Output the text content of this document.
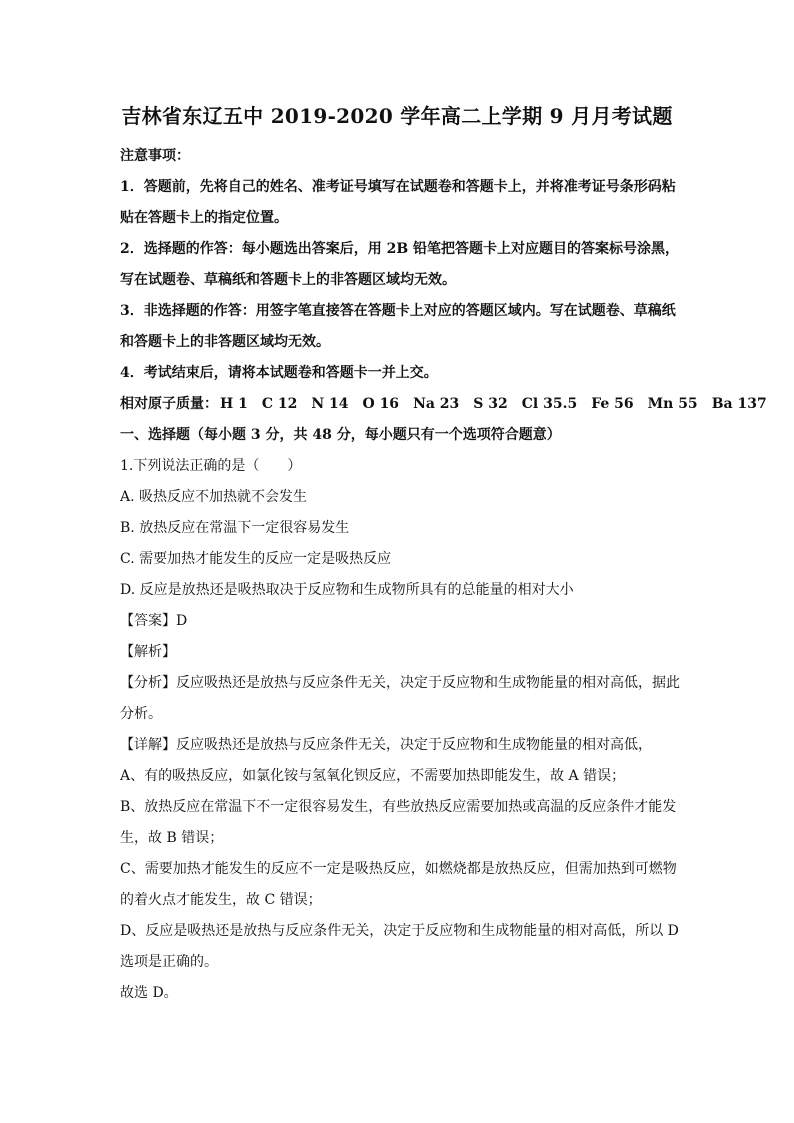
吉林省东辽五中 2019-2020 学年高二上学期 9 月月考试题
注意事项：
1．答题前，先将自己的姓名、准考证号填写在试题卷和答题卡上，并将准考证号条形码粘
贴在答题卡上的指定位置。
2．选择题的作答：每小题选出答案后，用 2B 铅笔把答题卡上对应题目的答案标号涂黑，
写在试题卷、草稿纸和答题卡上的非答题区域均无效。
3．非选择题的作答：用签字笔直接答在答题卡上对应的答题区域内。写在试题卷、草稿纸
和答题卡上的非答题区域均无效。
4．考试结束后，请将本试题卷和答题卡一并上交。
相对原子质量： H 1 C 12 N 14 O 16 Na 23 S 32 Cl 35.5 Fe 56 Mn 55 Ba 137
一、选择题（每小题 3 分，共 48 分，每小题只有一个选项符合题意）
1.下列说法正确的是（　　）
A. 吸热反应不加热就不会发生
B. 放热反应在常温下一定很容易发生
C. 需要加热才能发生的反应一定是吸热反应
D. 反应是放热还是吸热取决于反应物和生成物所具有的总能量的相对大小
【答案】D
【解析】
【分析】反应吸热还是放热与反应条件无关，决定于反应物和生成物能量的相对高低，据此
分析。
【详解】反应吸热还是放热与反应条件无关，决定于反应物和生成物能量的相对高低，
A、有的吸热反应，如氯化铵与氢氧化钡反应，不需要加热即能发生，故 A 错误；
B、放热反应在常温下不一定很容易发生，有些放热反应需要加热或高温的反应条件才能发
生，故 B 错误；
C、需要加热才能发生的反应不一定是吸热反应，如燃烧都是放热反应，但需加热到可燃物
的着火点才能发生，故 C 错误；
D、反应是吸热还是放热与反应条件无关，决定于反应物和生成物能量的相对高低，所以 D
选项是正确的。
故选 D。
